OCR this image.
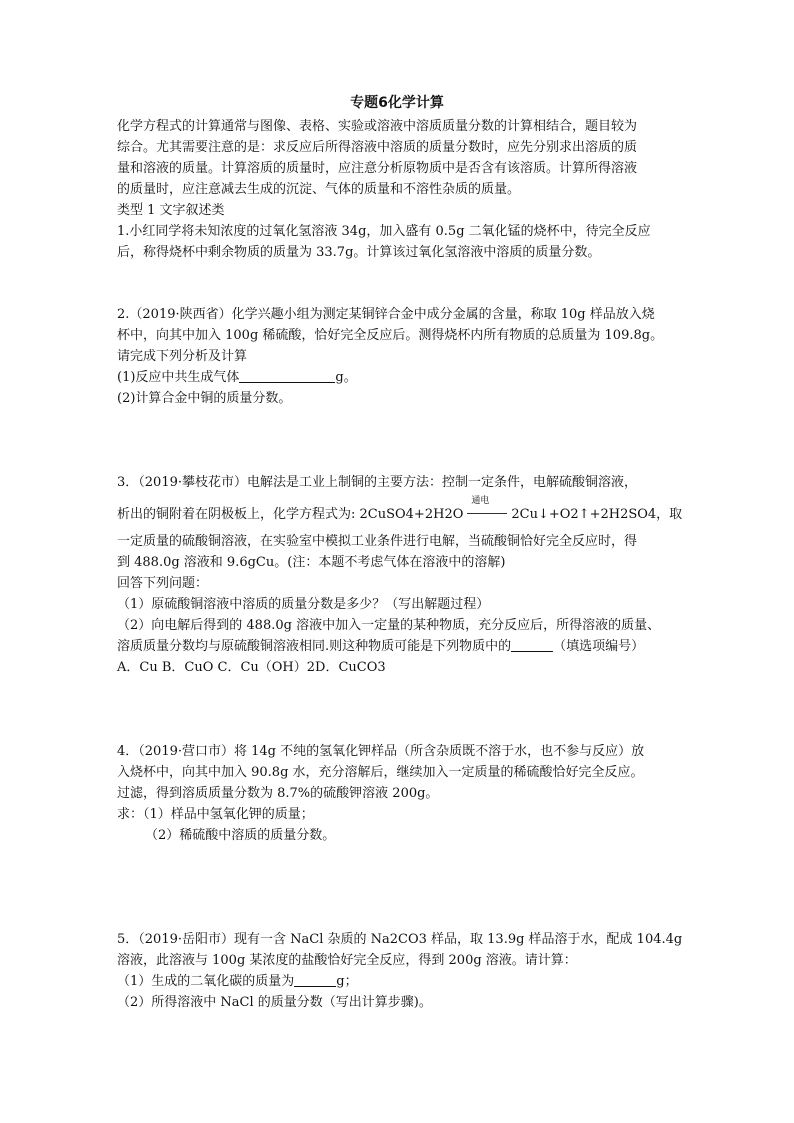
专题6化学计算
化学方程式的计算通常与图像、表格、实验或溶液中溶质质量分数的计算相结合，题目较为
综合。尤其需要注意的是：求反应后所得溶液中溶质的质量分数时，应先分别求出溶质的质
量和溶液的质量。计算溶质的质量时，应注意分析原物质中是否含有该溶质。计算所得溶液
的质量时，应注意减去生成的沉淀、气体的质量和不溶性杂质的质量。
类型 1 文字叙述类
1.小红同学将未知浓度的过氧化氢溶液 34g，加入盛有 0.5g 二氧化锰的烧杯中，待完全反应
后，称得烧杯中剩余物质的质量为 33.7g。计算该过氧化氢溶液中溶质的质量分数。
2.（2019·陕西省）化学兴趣小组为测定某铜锌合金中成分金属的含量，称取 10g 样品放入烧
杯中，向其中加入 100g 稀硫酸，恰好完全反应后。测得烧杯内所有物质的总质量为 109.8g。
请完成下列分析及计算
(1)反应中共生成气体	g。
(2)计算合金中铜的质量分数。
3．（2019·攀枝花市）电解法是工业上制铜的主要方法：控制一定条件，电解硫酸铜溶液，
析出的铜附着在阴极板上，化学方程式为: 2CuSO4+2H2O
通电
2Cu↓+O2↑+2H2SO4，取
一定质量的硫酸铜溶液，在实验室中模拟工业条件进行电解，当硫酸铜恰好完全反应时，得
到 488.0g 溶液和 9.6gCu。(注：本题不考虑气体在溶液中的溶解)
回答下列问题：
（1）原硫酸铜溶液中溶质的质量分数是多少？（写出解题过程）
（2）向电解后得到的 488.0g 溶液中加入一定量的某种物质，充分反应后，所得溶液的质量、
溶质质量分数均与原硫酸铜溶液相同.则这种物质可能是下列物质中的	（填选项编号）
A．Cu B．CuO C．Cu（OH）2D．CuCO3
4．（2019·营口市）将 14g 不纯的氢氧化钾样品（所含杂质既不溶于水，也不参与反应）放
入烧杯中，向其中加入 90.8g 水，充分溶解后，继续加入一定质量的稀硫酸恰好完全反应。
过滤，得到溶质质量分数为 8.7%的硫酸钾溶液 200g。
求：（1）样品中氢氧化钾的质量；
（2）稀硫酸中溶质的质量分数。
5．（2019·岳阳市）现有一含 NaCl 杂质的 Na2CO3 样品，取 13.9g 样品溶于水，配成 104.4g
溶液，此溶液与 100g 某浓度的盐酸恰好完全反应，得到 200g 溶液。请计算：
（1）生成的二氧化碳的质量为	g；
（2）所得溶液中 NaCl 的质量分数（写出计算步骤)。
